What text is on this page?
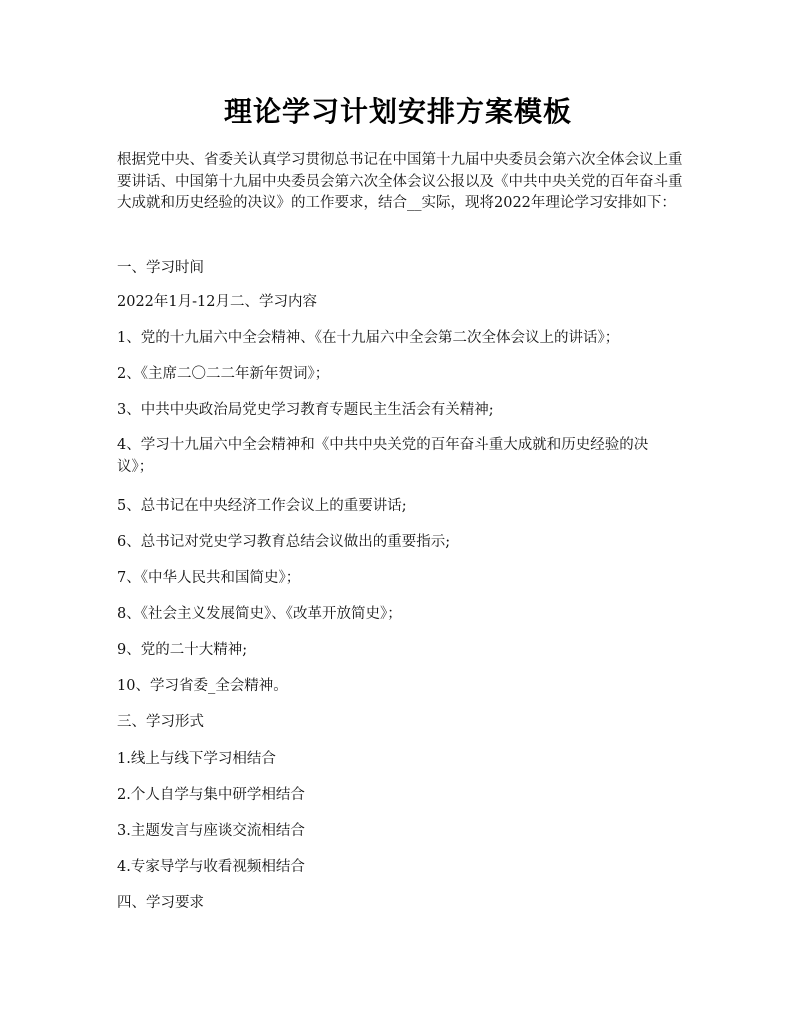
理论学习计划安排方案模板

根据党中央、省委关认真学习贯彻总书记在中国第十九届中央委员会第六次全体会议上重要讲话、中国第十九届中央委员会第六次全体会议公报以及《中共中央关党的百年奋斗重大成就和历史经验的决议》的工作要求，结合__实际，现将2022年理论学习安排如下：

一、学习时间
2022年1月-12月二、学习内容
1、党的十九届六中全会精神、《在十九届六中全会第二次全体会议上的讲话》；
2、《主席二〇二二年新年贺词》；
3、中共中央政治局党史学习教育专题民主生活会有关精神;
4、学习十九届六中全会精神和《中共中央关党的百年奋斗重大成就和历史经验的决议》；
5、总书记在中央经济工作会议上的重要讲话;
6、总书记对党史学习教育总结会议做出的重要指示;
7、《中华人民共和国简史》；
8、《社会主义发展简史》、《改革开放简史》；
9、党的二十大精神;
10、学习省委_全会精神。
三、学习形式
1.线上与线下学习相结合
2.个人自学与集中研学相结合
3.主题发言与座谈交流相结合
4.专家导学与收看视频相结合
四、学习要求
